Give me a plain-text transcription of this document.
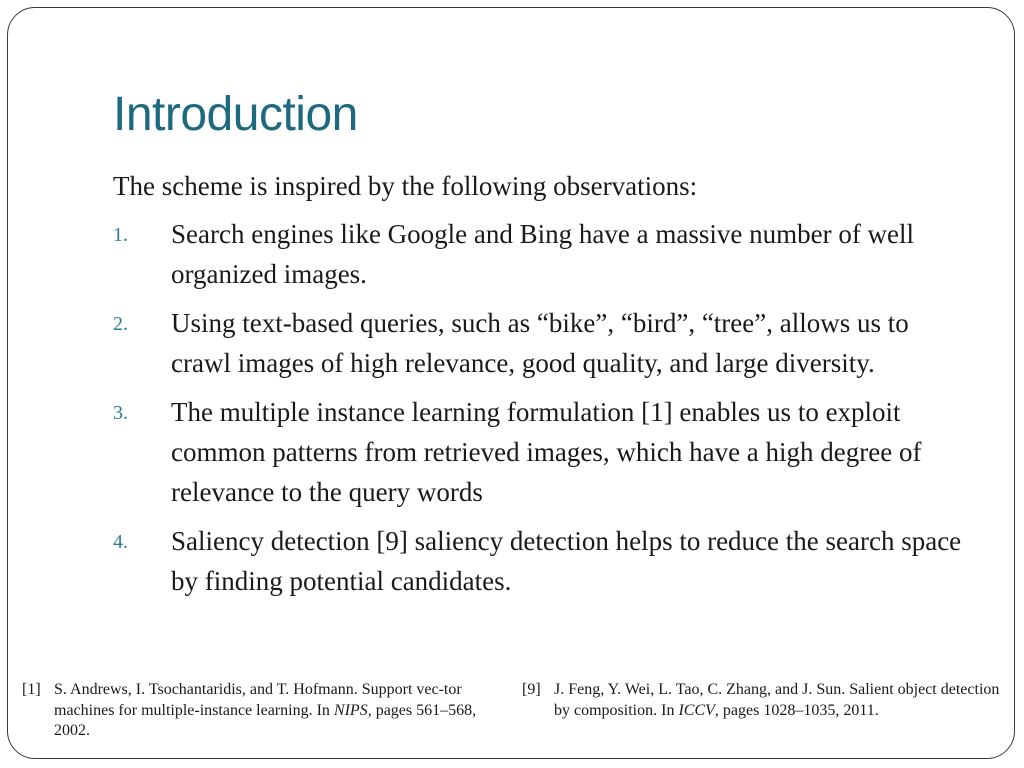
Introduction
The scheme is inspired by the following observations:
1. Search engines like Google and Bing have a massive number of well organized images.
2. Using text-based queries, such as “bike”, “bird”, “tree”, allows us to crawl images of high relevance, good quality, and large diversity.
3. The multiple instance learning formulation [1] enables us to exploit common patterns from retrieved images, which have a high degree of relevance to the query words
4. Saliency detection [9] saliency detection helps to reduce the search space by finding potential candidates.
[1] S. Andrews, I. Tsochantaridis, and T. Hofmann. Support vec-tor machines for multiple-instance learning. In NIPS, pages 561–568, 2002.
[9] J. Feng, Y. Wei, L. Tao, C. Zhang, and J. Sun. Salient object detection by composition. In ICCV, pages 1028–1035, 2011.
